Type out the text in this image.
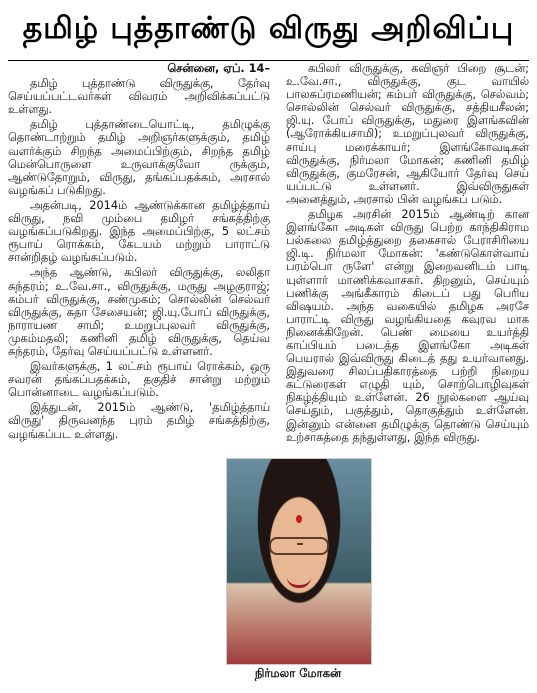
தமிழ் புத்தாண்டு விருது அறிவிப்பு

சென்னை, ஏப். 14–

தமிழ் புத்தாண்டு விருதுக்கு, தேர்வு செய்யப்பட்டவர்கள் விவரம் அறிவிக்கப்பட்டு உள்ளது.

தமிழ் புத்தாண்டையொட்டி, தமிழுக்கு தொண்டாற்றும் தமிழ் அறிஞர்களுக்கும், தமிழ் வளர்க்கும் சிறந்த அமைப்பிற்கும், சிறந்த தமிழ் மென்பொருளை உருவாக்குவோ ருக்கும், ஆண்டுதோறும், விருது, தங்கப்பதக்கம், அரசால் வழங்கப் படுகிறது.

அதன்படி, 2014ம் ஆண்டுக்கான தமிழ்த்தாய் விருது, நவி மும்பை தமிழர் சங்கத்திற்கு வழங்கப்படுகிறது. இந்த அமைப்பிற்கு, 5 லட்சம் ரூபாய் ரொக்கம், கேடயம் மற்றும் பாராட்டு சான்றிதழ் வழங்கப்படும்.

அந்த ஆண்டு, கபிலர் விருதுக்கு, லலிதா சுந்தரம்; உ.வே.சா., விருதுக்கு, மருது அழகுராஜ்; கம்பர் விருதுக்கு, சண்முகம்; சொல்லின் செல்வர் விருதுக்கு, சுதா சேசையன்; ஜி.யு.போப் விருதுக்கு, நாராயண சாமி; உமறுப்புலவர் விருதுக்கு, முகம்மதலி; கணினி தமிழ் விருதுக்கு, தெய்வ சுந்தரம், தேர்வு செய்யப்பட்டு உள்ளனர்.

இவர்களுக்கு, 1 லட்சம் ரூபாய் ரொக்கம், ஒரு சவரன் தங்கப்பதக்கம், தகுதிச் சான்று மற்றும் பொன்னாடை வழங்கப்படும்.

இத்துடன், 2015ம் ஆண்டு, 'தமிழ்த்தாய் விருது' திருவனந்த புரம் தமிழ் சங்கத்திற்கு, வழங்கப்பட உள்ளது.

கபிலர் விருதுக்கு, கவிஞர் பிறை சூடன்; உ.வே.சா., விருதுக்கு, குட வாயில் பாலசுப்ரமணியன்; கம்பர் விருதுக்கு, செல்வம்; சொல்லின் செல்வர் விருதுக்கு, சத்தியசீலன்; ஜி.யு. போப் விருதுக்கு, மதுரை இளங்கவின் (ஆரோக்கியசாமி); உமறுப்புலவர் விருதுக்கு, சாய்பு மரைக்காயர்; இளங்கோவடிகள் விருதுக்கு, நிர்மலா மோகன்; கணினி தமிழ் விருதுக்கு, குமரேசன், ஆகியோர் தேர்வு செய் யப்பட்டு உள்ளனர். இவ்விருதுகள் அனைத்தும், அரசால் பின் வழங்கப் படும்.

தமிழக அரசின் 2015ம் ஆண்டிற் கான இளங்கோ அடிகள் விருது பெற்ற காந்திகிராம பல்கலை தமிழ்த்துறை தகைசால் பேராசிரியை ஜி.டி. நிர்மலா மோகன்: 'கண்டுகொள்வாய் பரம்பொ ருளே' என்று இறைவனிடம் பாடி யுள்ளார் மாணிக்கவாசகர். திறனும், செய்யும் பணிக்கு அங்கீகாரம் கிடைப் பது பெரிய விஷயம். அந்த வகையில் தமிழக அரசே பாராட்டி விருது வழங்கியதை கவுரவ மாக நினைக்கிறேன். பெண் மையை உயர்த்தி காப்பியம் படைத்த இளங்கோ அடிகள் பெயரால் இவ்விருது கிடைத் தது உயர்வானது. இதுவரை சிலப்பதிகாரத்தை பற்றி நிறைய கட்டுரைகள் எழுதி யும், சொற்பொழிவுகள் நிகழ்த்தியும் உள்ளேன். 26 நூல்களை ஆய்வு செய்தும், பகுத்தும், தொகுத்தும் உள்ளேன். இன்னும் என்னை தமிழுக்கு தொண்டு செய்யும் உற்சாகத்தை தந்துள்ளது, இந்த விருது.

நிர்மலா மோகன்
